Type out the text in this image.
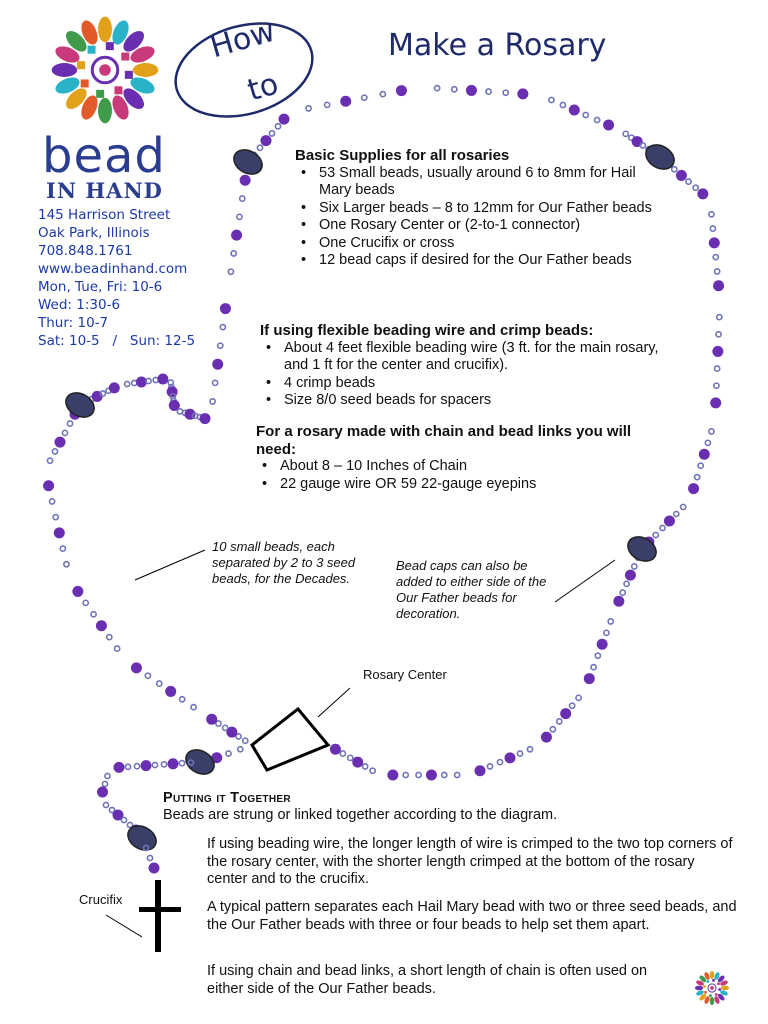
How
to
Make a Rosary
bead
IN HAND
145 Harrison Street
Oak Park, Illinois
708.848.1761
www.beadinhand.com
Mon, Tue, Fri: 10-6
Wed: 1:30-6
Thur: 10-7
Sat: 10-5   /   Sun: 12-5
Basic Supplies for all rosaries
• 53 Small beads, usually around 6 to 8mm for Hail Mary beads
• Six Larger beads – 8 to 12mm for Our Father beads
• One Rosary Center or (2-to-1 connector)
• One Crucifix or cross
• 12 bead caps if desired for the Our Father beads
If using flexible beading wire and crimp beads:
• About 4 feet flexible beading wire (3 ft. for the main rosary, and 1 ft for the center and crucifix).
• 4 crimp beads
• Size 8/0 seed beads for spacers
For a rosary made with chain and bead links you will need:
• About 8 – 10 Inches of Chain
• 22 gauge wire OR 59 22-gauge eyepins
10 small beads, each separated by 2 to 3 seed beads, for the Decades.
Bead caps can also be added to either side of the Our Father beads for decoration.
Rosary Center
Crucifix
Putting it Together
Beads are strung or linked together according to the diagram.
If using beading wire, the longer length of wire is crimped to the two top corners of the rosary center, with the shorter length crimped at the bottom of the rosary center and to the crucifix.
A typical pattern separates each Hail Mary bead with two or three seed beads, and the Our Father beads with three or four beads to help set them apart.
If using chain and bead links, a short length of chain is often used on either side of the Our Father beads.
